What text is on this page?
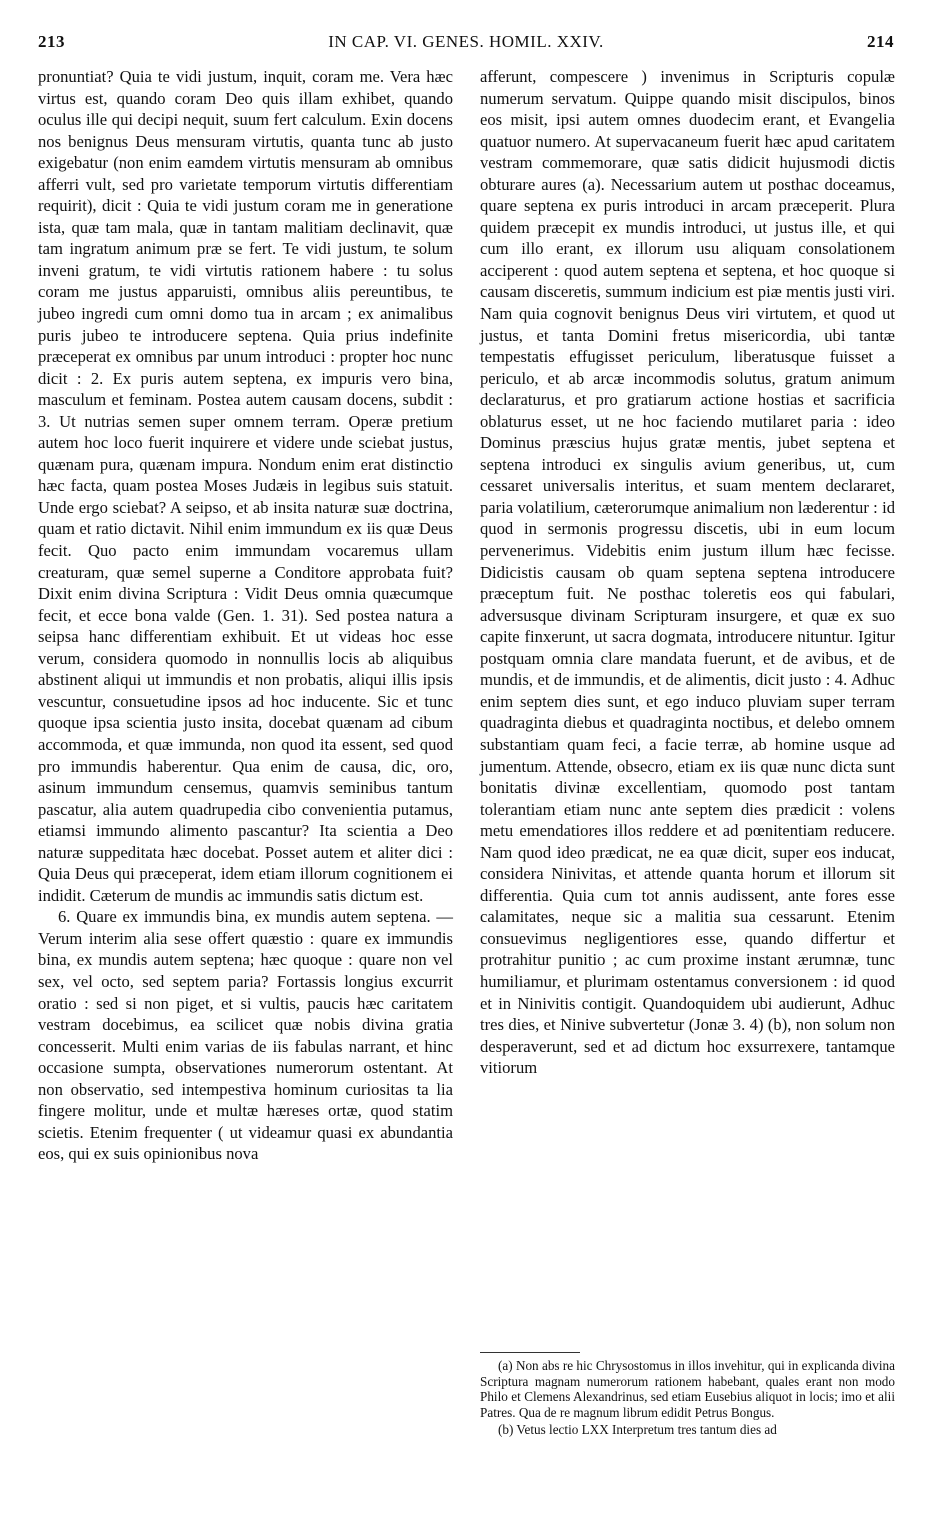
213	IN CAP. VI. GENES. HOMIL. XXIV.	214

pronuntiat? Quia te vidi justum, inquit, coram me. Vera hæc virtus est, quando coram Deo quis illam exhibet, quando oculus ille qui decipi nequit, suum fert calculum. Exin docens nos benignus Deus mensuram virtutis, quanta tunc ab justo exigebatur (non enim eamdem virtutis mensuram ab omnibus afferri vult, sed pro varietate temporum virtutis differentiam requirit), dicit : Quia te vidi justum coram me in generatione ista, quæ tam mala, quæ in tantam malitiam declinavit, quæ tam ingratum animum præ se fert. Te vidi justum, te solum inveni gratum, te vidi virtutis rationem habere : tu solus coram me justus apparuisti, omnibus aliis pereuntibus, te jubeo ingredi cum omni domo tua in arcam ; ex animalibus puris jubeo te introducere septena. Quia prius indefinite præceperat ex omnibus par unum introduci : propter hoc nunc dicit : 2. Ex puris autem septena, ex impuris vero bina, masculum et feminam. Postea autem causam docens, subdit : 3. Ut nutrias semen super omnem terram. Operæ pretium autem hoc loco fuerit inquirere et videre unde sciebat justus, quænam pura, quænam impura. Nondum enim erat distinctio hæc facta, quam postea Moses Judæis in legibus suis statuit. Unde ergo sciebat? A seipso, et ab insita naturæ suæ doctrina, quam et ratio dictavit. Nihil enim immundum ex iis quæ Deus fecit. Quo pacto enim immundam vocaremus ullam creaturam, quæ semel superne a Conditore approbata fuit? Dixit enim divina Scriptura : Vidit Deus omnia quæcumque fecit, et ecce bona valde (Gen. 1. 31). Sed postea natura a seipsa hanc differentiam exhibuit. Et ut videas hoc esse verum, considera quomodo in nonnullis locis ab aliquibus abstinent aliqui ut immundis et non probatis, aliqui illis ipsis vescuntur, consuetudine ipsos ad hoc inducente. Sic et tunc quoque ipsa scientia justo insita, docebat quænam ad cibum accommoda, et quæ immunda, non quod ita essent, sed quod pro immundis haberentur. Qua enim de causa, dic, oro, asinum immundum censemus, quamvis seminibus tantum pascatur, alia autem quadrupedia cibo convenientia putamus, etiamsi immundo alimento pascantur? Ita scientia a Deo naturæ suppeditata hæc docebat. Posset autem et aliter dici : Quia Deus qui præceperat, idem etiam illorum cognitionem ei indidit. Cæterum de mundis ac immundis satis dictum est.

6. Quare ex immundis bina, ex mundis autem septena. — Verum interim alia sese offert quæstio : quare ex immundis bina, ex mundis autem septena; hæc quoque : quare non vel sex, vel octo, sed septem paria? Fortassis longius excurrit oratio : sed si non piget, et si vultis, paucis hæc caritatem vestram docebimus, ea scilicet quæ nobis divina gratia concesserit. Multi enim varias de iis fabulas narrant, et hinc occasione sumpta, observationes numerorum ostentant. At non observatio, sed intempestiva hominum curiositas ta lia fingere molitur, unde et multæ hæreses ortæ, quod statim scietis. Etenim frequenter ( ut videamur quasi ex abundantia eos, qui ex suis opinionibus nova

afferunt, compescere ) invenimus in Scripturis copulæ numerum servatum. Quippe quando misit discipulos, binos eos misit, ipsi autem omnes duodecim erant, et Evangelia quatuor numero. At supervacaneum fuerit hæc apud caritatem vestram commemorare, quæ satis didicit hujusmodi dictis obturare aures (a). Necessarium autem ut posthac doceamus, quare septena ex puris introduci in arcam præceperit. Plura quidem præcepit ex mundis introduci, ut justus ille, et qui cum illo erant, ex illorum usu aliquam consolationem acciperent : quod autem septena et septena, et hoc quoque si causam disceretis, summum indicium est piæ mentis justi viri. Nam quia cognovit benignus Deus viri virtutem, et quod ut justus, et tanta Domini fretus misericordia, ubi tantæ tempestatis effugisset periculum, liberatusque fuisset a periculo, et ab arcæ incommodis solutus, gratum animum declaraturus, et pro gratiarum actione hostias et sacrificia oblaturus esset, ut ne hoc faciendo mutilaret paria : ideo Dominus præscius hujus gratæ mentis, jubet septena et septena introduci ex singulis avium generibus, ut, cum cessaret universalis interitus, et suam mentem declararet, paria volatilium, cæterorumque animalium non læderentur : id quod in sermonis progressu discetis, ubi in eum locum pervenerimus. Videbitis enim justum illum hæc fecisse. Didicistis causam ob quam septena septena introducere præceptum fuit. Ne posthac toleretis eos qui fabulari, adversusque divinam Scripturam insurgere, et quæ ex suo capite finxerunt, ut sacra dogmata, introducere nituntur. Igitur postquam omnia clare mandata fuerunt, et de avibus, et de mundis, et de immundis, et de alimentis, dicit justo : 4. Adhuc enim septem dies sunt, et ego induco pluviam super terram quadraginta diebus et quadraginta noctibus, et delebo omnem substantiam quam feci, a facie terræ, ab homine usque ad jumentum. Attende, obsecro, etiam ex iis quæ nunc dicta sunt bonitatis divinæ excellentiam, quomodo post tantam tolerantiam etiam nunc ante septem dies prædicit : volens metu emendatiores illos reddere et ad pœnitentiam reducere. Nam quod ideo prædicat, ne ea quæ dicit, super eos inducat, considera Ninivitas, et attende quanta horum et illorum sit differentia. Quia cum tot annis audissent, ante fores esse calamitates, neque sic a malitia sua cessarunt. Etenim consuevimus negligentiores esse, quando differtur et protrahitur punitio ; ac cum proxime instant ærumnæ, tunc humiliamur, et plurimam ostentamus conversionem : id quod et in Ninivitis contigit. Quandoquidem ubi audierunt, Adhuc tres dies, et Ninive subvertetur (Jonæ 3. 4) (b), non solum non desperaverunt, sed et ad dictum hoc exsurrexere, tantamque vitiorum

(a) Non abs re hic Chrysostomus in illos invehitur, qui in explicanda divina Scriptura magnam numerorum rationem habebant, quales erant non modo Philo et Clemens Alexandrinus, sed etiam Eusebius aliquot in locis; imo et alii Patres. Qua de re magnum librum edidit Petrus Bongus.

(b) Vetus lectio LXX Interpretum tres tantum dies ad
